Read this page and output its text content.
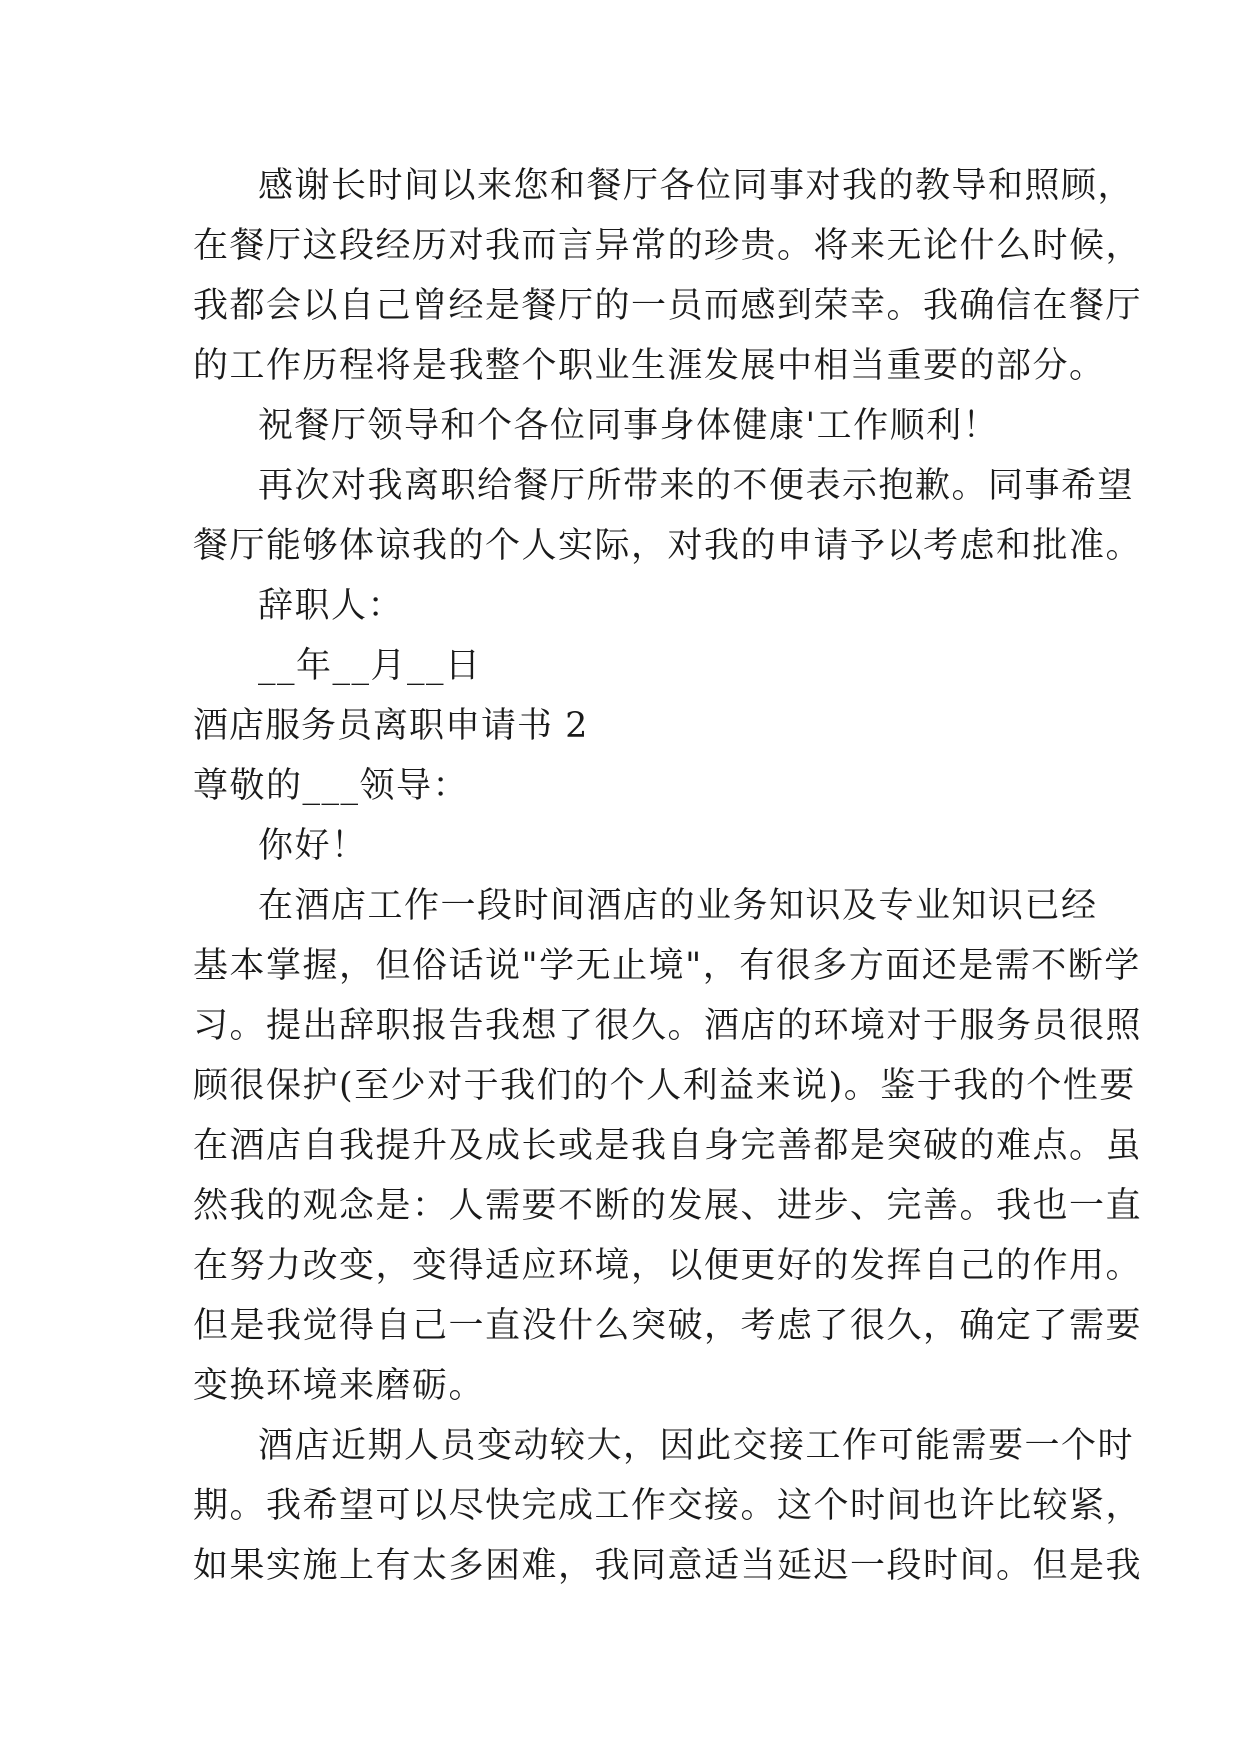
感谢长时间以来您和餐厅各位同事对我的教导和照顾，
在餐厅这段经历对我而言异常的珍贵。将来无论什么时候，
我都会以自己曾经是餐厅的一员而感到荣幸。我确信在餐厅
的工作历程将是我整个职业生涯发展中相当重要的部分。
祝餐厅领导和个各位同事身体健康'工作顺利！
再次对我离职给餐厅所带来的不便表示抱歉。同事希望
餐厅能够体谅我的个人实际，对我的申请予以考虑和批准。
辞职人：
__年__月__日
酒店服务员离职申请书 2
尊敬的___领导：
你好！
在酒店工作一段时间酒店的业务知识及专业知识已经
基本掌握，但俗话说"学无止境"，有很多方面还是需不断学
习。提出辞职报告我想了很久。酒店的环境对于服务员很照
顾很保护(至少对于我们的个人利益来说)。鉴于我的个性要
在酒店自我提升及成长或是我自身完善都是突破的难点。虽
然我的观念是：人需要不断的发展、进步、完善。我也一直
在努力改变，变得适应环境，以便更好的发挥自己的作用。
但是我觉得自己一直没什么突破，考虑了很久，确定了需要
变换环境来磨砺。
酒店近期人员变动较大，因此交接工作可能需要一个时
期。我希望可以尽快完成工作交接。这个时间也许比较紧，
如果实施上有太多困难，我同意适当延迟一段时间。但是我
